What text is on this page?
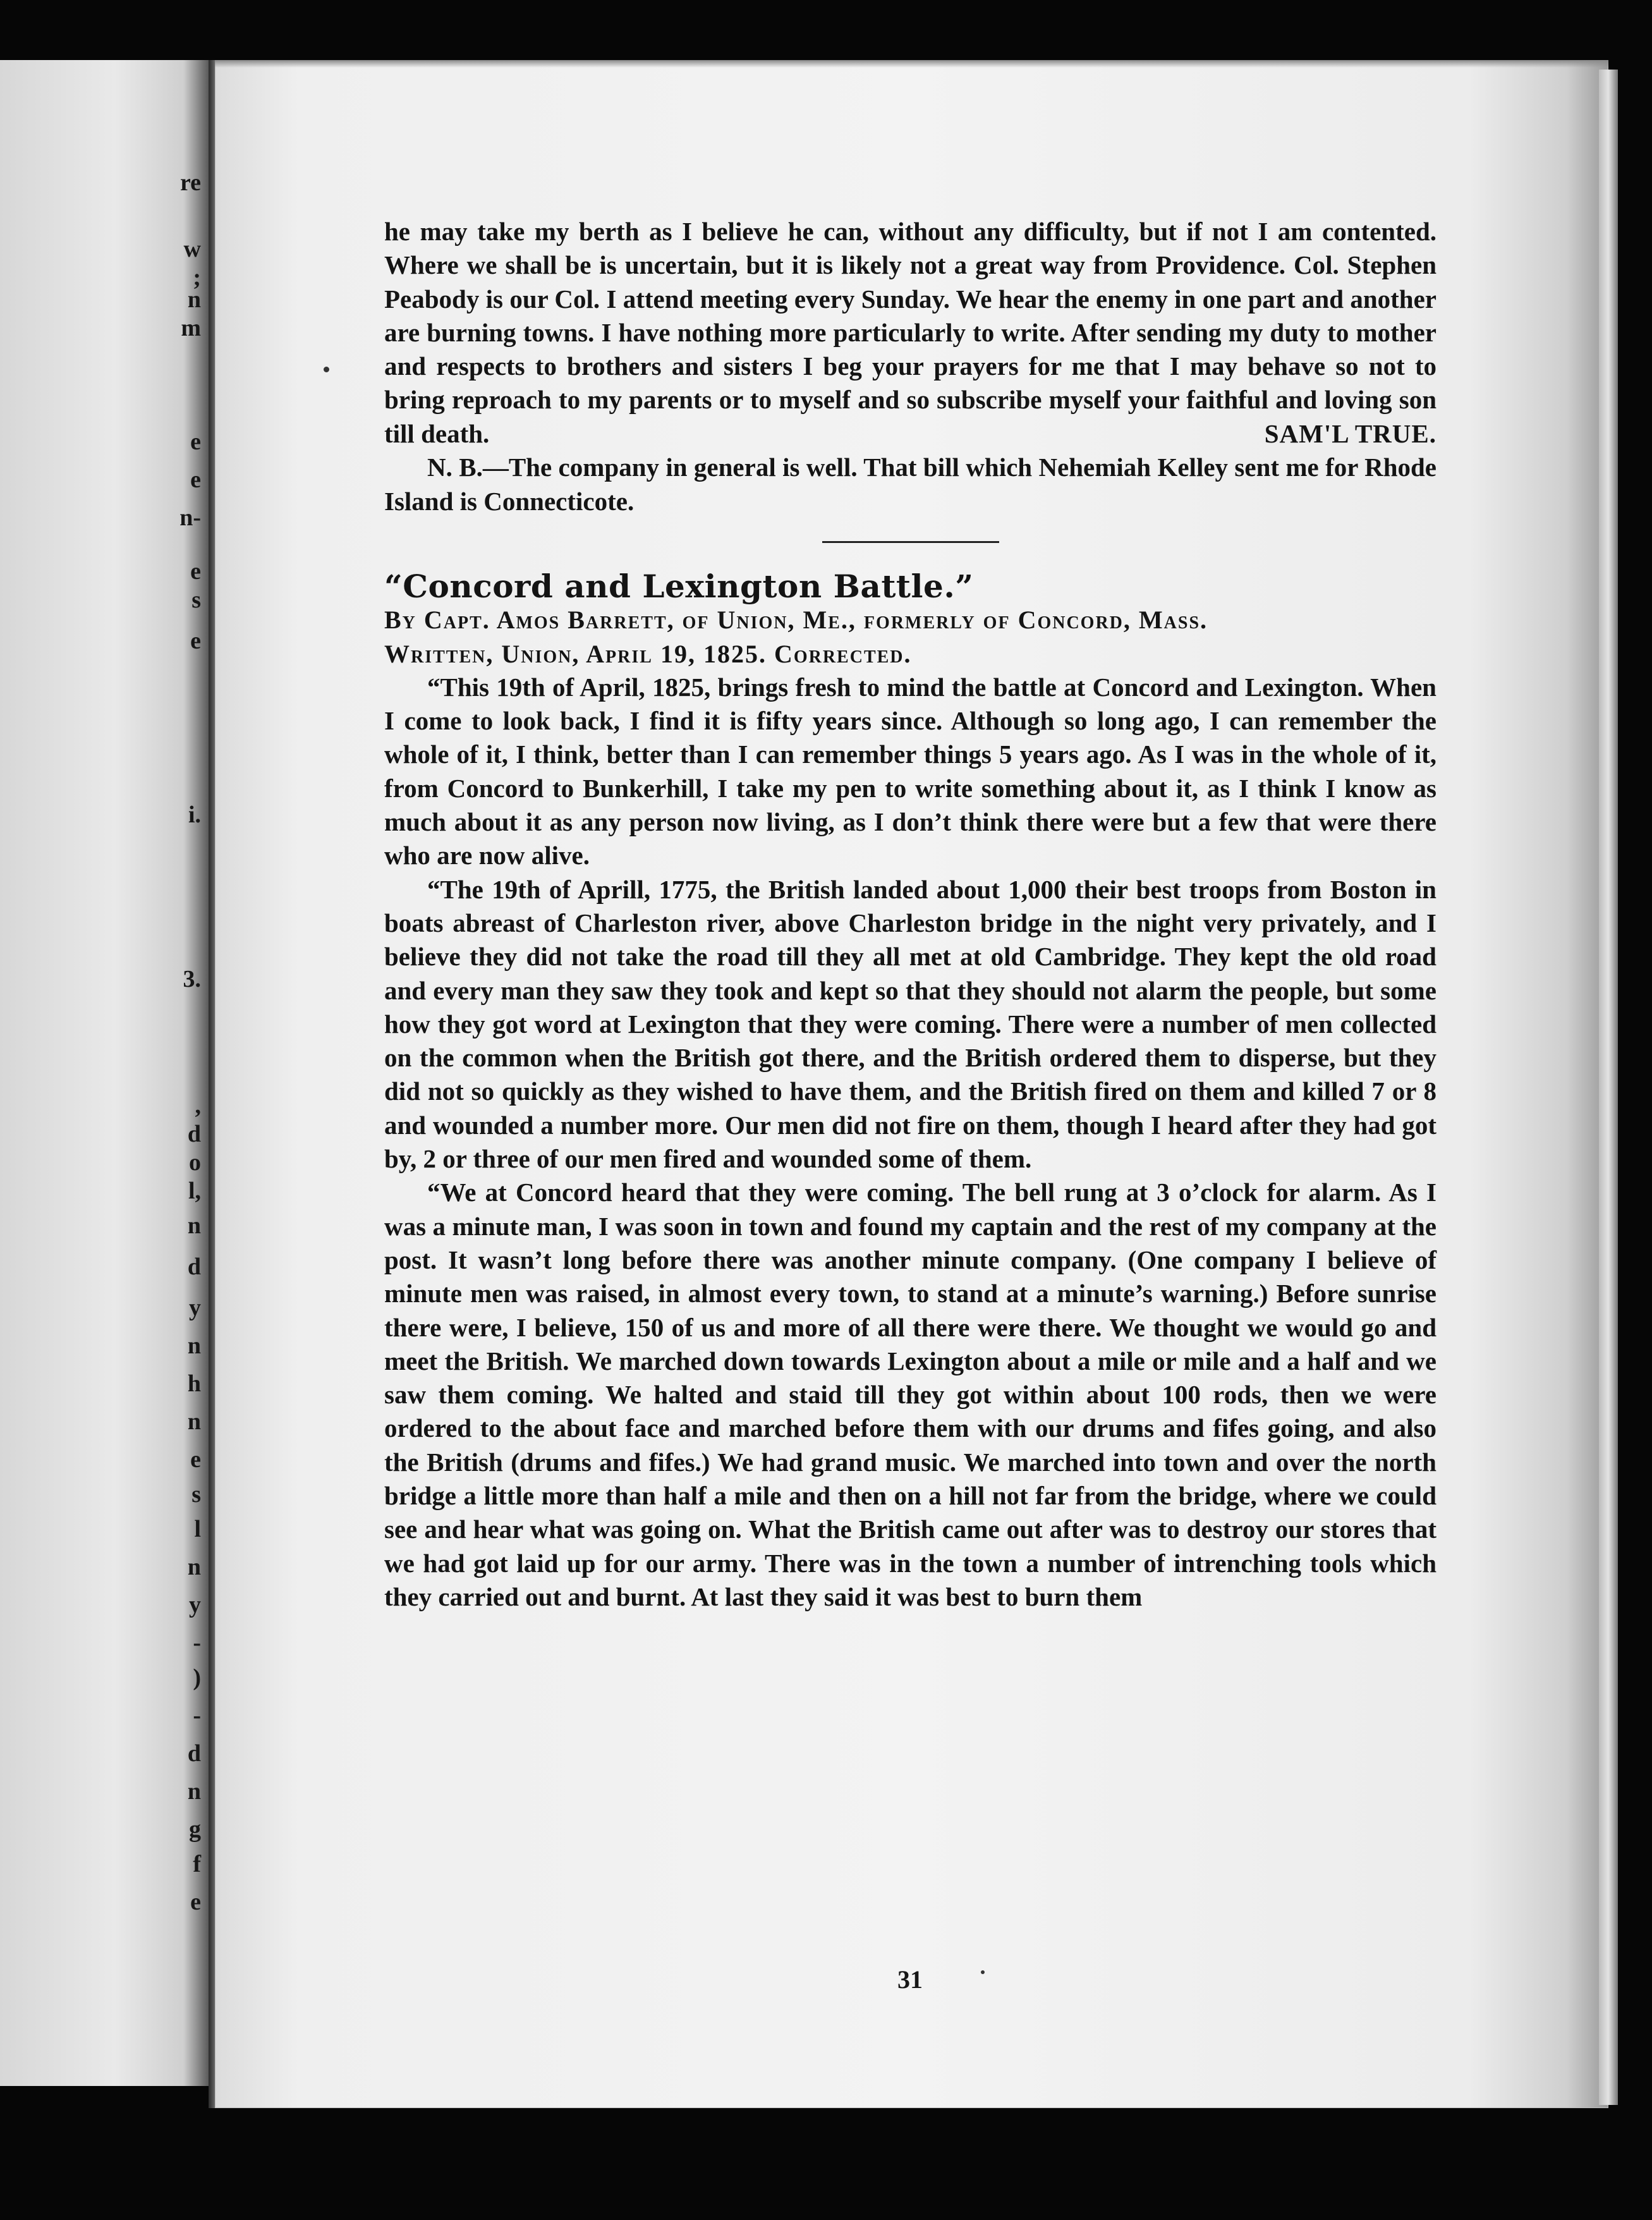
re

w

;

n

m

e

e

n-

e

s

e

i.

3.

,

d

o

l,

n

d

y

n

h

n

e

s

l

n

y

-

)

-

d

n

g

f

e

he may take my berth as I believe he can, without any difficulty, but if not I am contented. Where we shall be is uncertain, but it is likely not a great way from Providence. Col. Stephen Peabody is our Col. I attend meeting every Sunday. We hear the enemy in one part and another are burning towns. I have nothing more particularly to write. After sending my duty to mother and respects to brothers and sisters I beg your prayers for me that I may behave so not to bring reproach to my parents or to myself and so subscribe myself your faithful and loving son till death.	SAM'L TRUE.

N. B.—The company in general is well. That bill which Nehemiah Kelley sent me for Rhode Island is Connecticote.

“Concord and Lexington Battle.”

By Capt. Amos Barrett, of Union, Me., formerly of Concord, Mass.

Written, Union, April 19, 1825. Corrected.

“This 19th of April, 1825, brings fresh to mind the battle at Concord and Lexington. When I come to look back, I find it is fifty years since. Although so long ago, I can remember the whole of it, I think, better than I can remember things 5 years ago. As I was in the whole of it, from Concord to Bunkerhill, I take my pen to write something about it, as I think I know as much about it as any person now living, as I don’t think there were but a few that were there who are now alive.

“The 19th of Aprill, 1775, the British landed about 1,000 their best troops from Boston in boats abreast of Charleston river, above Charleston bridge in the night very privately, and I believe they did not take the road till they all met at old Cambridge. They kept the old road and every man they saw they took and kept so that they should not alarm the people, but some how they got word at Lexington that they were coming. There were a number of men collected on the common when the British got there, and the British ordered them to disperse, but they did not so quickly as they wished to have them, and the British fired on them and killed 7 or 8 and wounded a number more. Our men did not fire on them, though I heard after they had got by, 2 or three of our men fired and wounded some of them.

“We at Concord heard that they were coming. The bell rung at 3 o’clock for alarm. As I was a minute man, I was soon in town and found my captain and the rest of my company at the post. It wasn’t long before there was another minute company. (One company I believe of minute men was raised, in almost every town, to stand at a minute’s warning.) Before sunrise there were, I believe, 150 of us and more of all there were there. We thought we would go and meet the British. We marched down towards Lexington about a mile or mile and a half and we saw them coming. We halted and staid till they got within about 100 rods, then we were ordered to the about face and marched before them with our drums and fifes going, and also the British (drums and fifes.) We had grand music. We marched into town and over the north bridge a little more than half a mile and then on a hill not far from the bridge, where we could see and hear what was going on. What the British came out after was to destroy our stores that we had got laid up for our army. There was in the town a number of intrenching tools which they carried out and burnt. At last they said it was best to burn them

31
